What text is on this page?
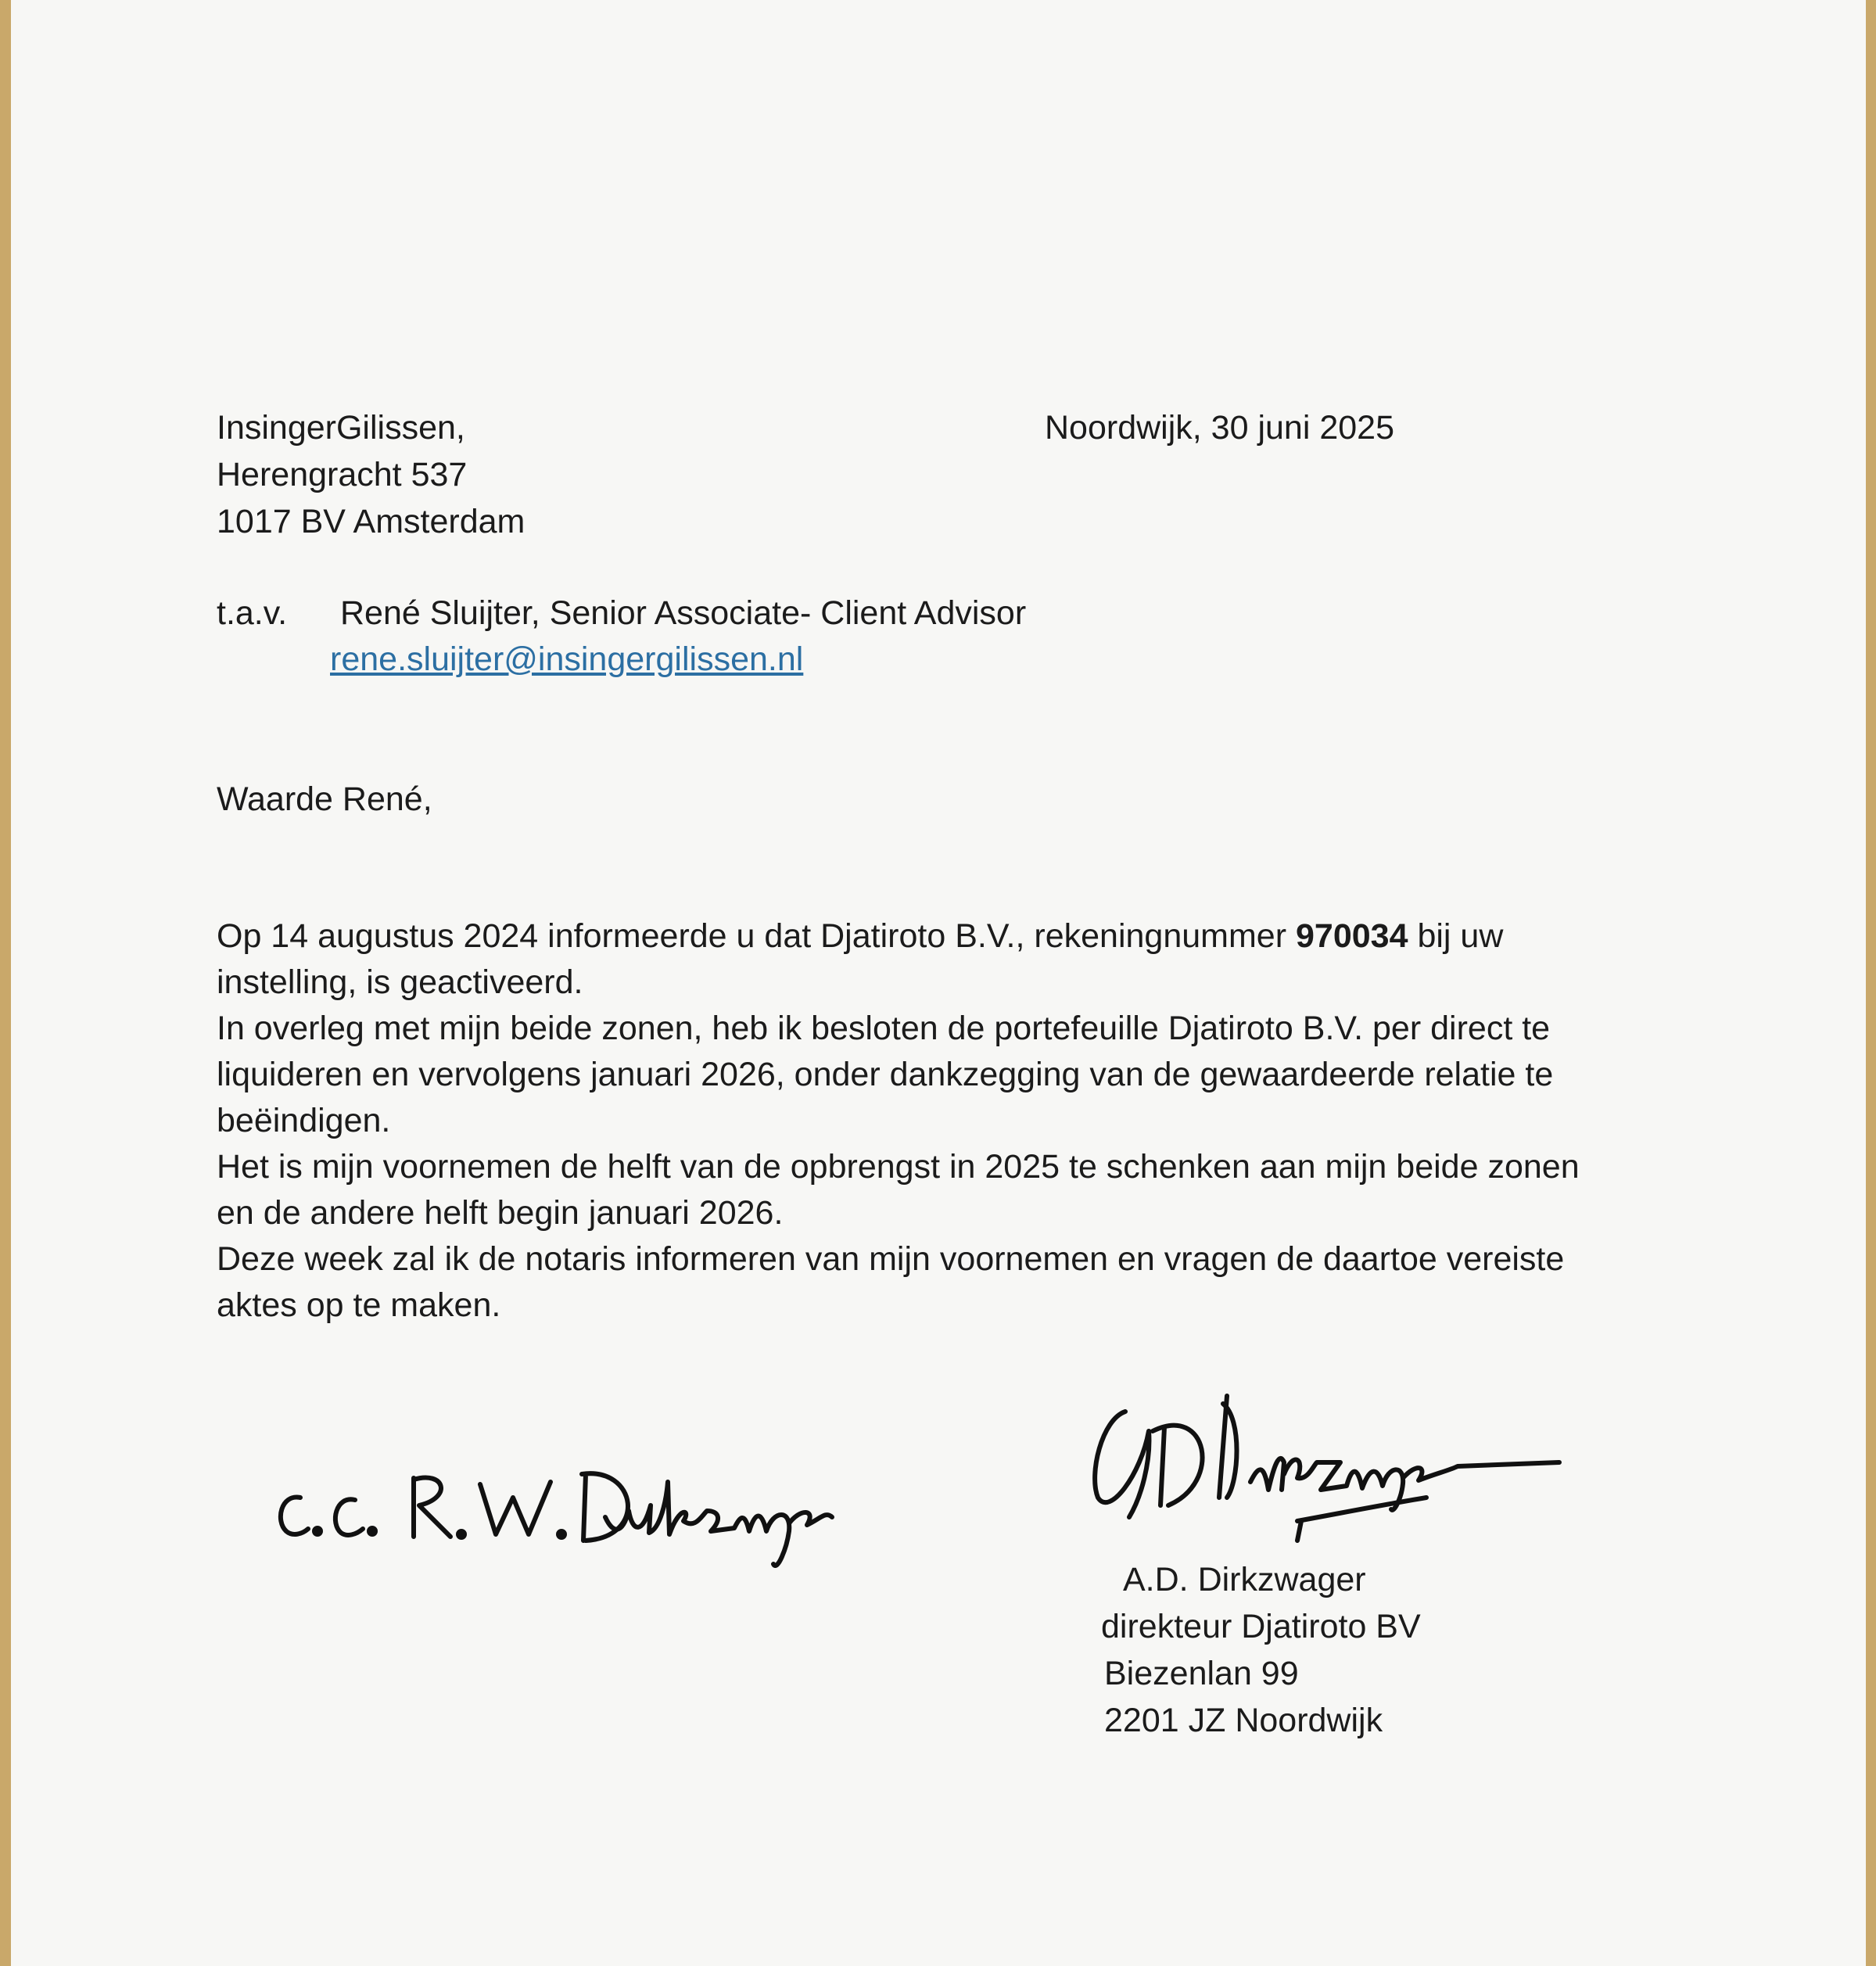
InsingerGilissen,
Herengracht 537
1017 BV Amsterdam
Noordwijk, 30 juni 2025
t.a.v. René Sluijter, Senior Associate- Client Advisor
rene.sluijter@insingergilissen.nl
Waarde René,
Op 14 augustus 2024 informeerde u dat Djatiroto B.V., rekeningnummer 970034 bij uw
instelling, is geactiveerd.
In overleg met mijn beide zonen, heb ik besloten de portefeuille Djatiroto B.V. per direct te
liquideren en vervolgens januari 2026, onder dankzegging van de gewaardeerde relatie te
beëindigen.
Het is mijn voornemen de helft van de opbrengst in 2025 te schenken aan mijn beide zonen
en de andere helft begin januari 2026.
Deze week zal ik de notaris informeren van mijn voornemen en vragen de daartoe vereiste
aktes op te maken.
A.D. Dirkzwager
direkteur Djatiroto BV
Biezenlan 99
2201 JZ Noordwijk
